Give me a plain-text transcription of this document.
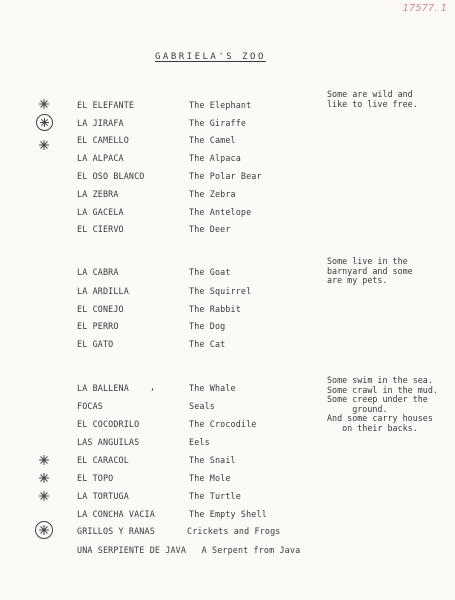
17577. 1
GABRIELA'S ZOO
Some are wild and
like to live free.
Some live in the
barnyard and some
are my pets.
Some swim in the sea.
Some crawl in the mud.
Some creep under the
ground.
And some carry houses
on their backs.
EL ELEFANTE	The Elephant
LA JIRAFA	The Giraffe
EL CAMELLO	The Camel
LA ALPACA	The Alpaca
EL OSO BLANCO	The Polar Bear
LA ZEBRA	The Zebra
LA GACELA	The Antelope
EL CIERVO	The Deer
LA CABRA	The Goat
LA ARDILLA	The Squirrel
EL CONEJO	The Rabbit
EL PERRO	The Dog
EL GATO	The Cat
LA BALLENA	,	The Whale
FOCAS	Seals
EL COCODRILO	The Crocodile
LAS ANGUILAS	Eels
EL CARACOL	The Snail
EL TOPO	The Mole
LA TORTUGA	The Turtle
LA CONCHA VACIA	The Empty Shell
GRILLOS Y RANAS	Crickets and Frogs
UNA SERPIENTE DE JAVA   A Serpent from Java
